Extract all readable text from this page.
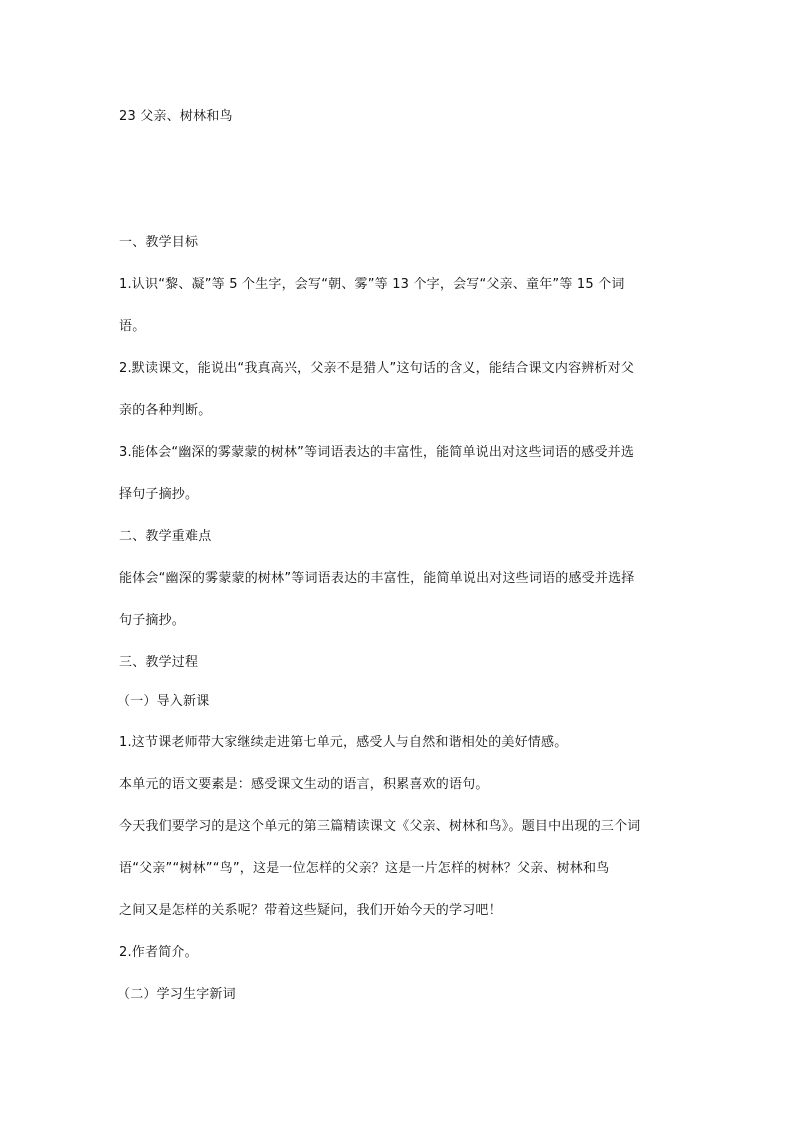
23 父亲、树林和鸟
一、教学目标
1.认识“黎、凝”等 5 个生字，会写“朝、雾”等 13 个字，会写“父亲、童年”等 15 个词
语。
2.默读课文，能说出“我真高兴，父亲不是猎人”这句话的含义，能结合课文内容辨析对父
亲的各种判断。
3.能体会“幽深的雾蒙蒙的树林”等词语表达的丰富性，能简单说出对这些词语的感受并选
择句子摘抄。
二、教学重难点
能体会“幽深的雾蒙蒙的树林”等词语表达的丰富性，能简单说出对这些词语的感受并选择
句子摘抄。
三、教学过程
（一）导入新课
1.这节课老师带大家继续走进第七单元，感受人与自然和谐相处的美好情感。
本单元的语文要素是：感受课文生动的语言，积累喜欢的语句。
今天我们要学习的是这个单元的第三篇精读课文《父亲、树林和鸟》。题目中出现的三个词
语“父亲”“树林”“鸟”，这是一位怎样的父亲？这是一片怎样的树林？父亲、树林和鸟
之间又是怎样的关系呢？带着这些疑问，我们开始今天的学习吧！
2.作者简介。
（二）学习生字新词
